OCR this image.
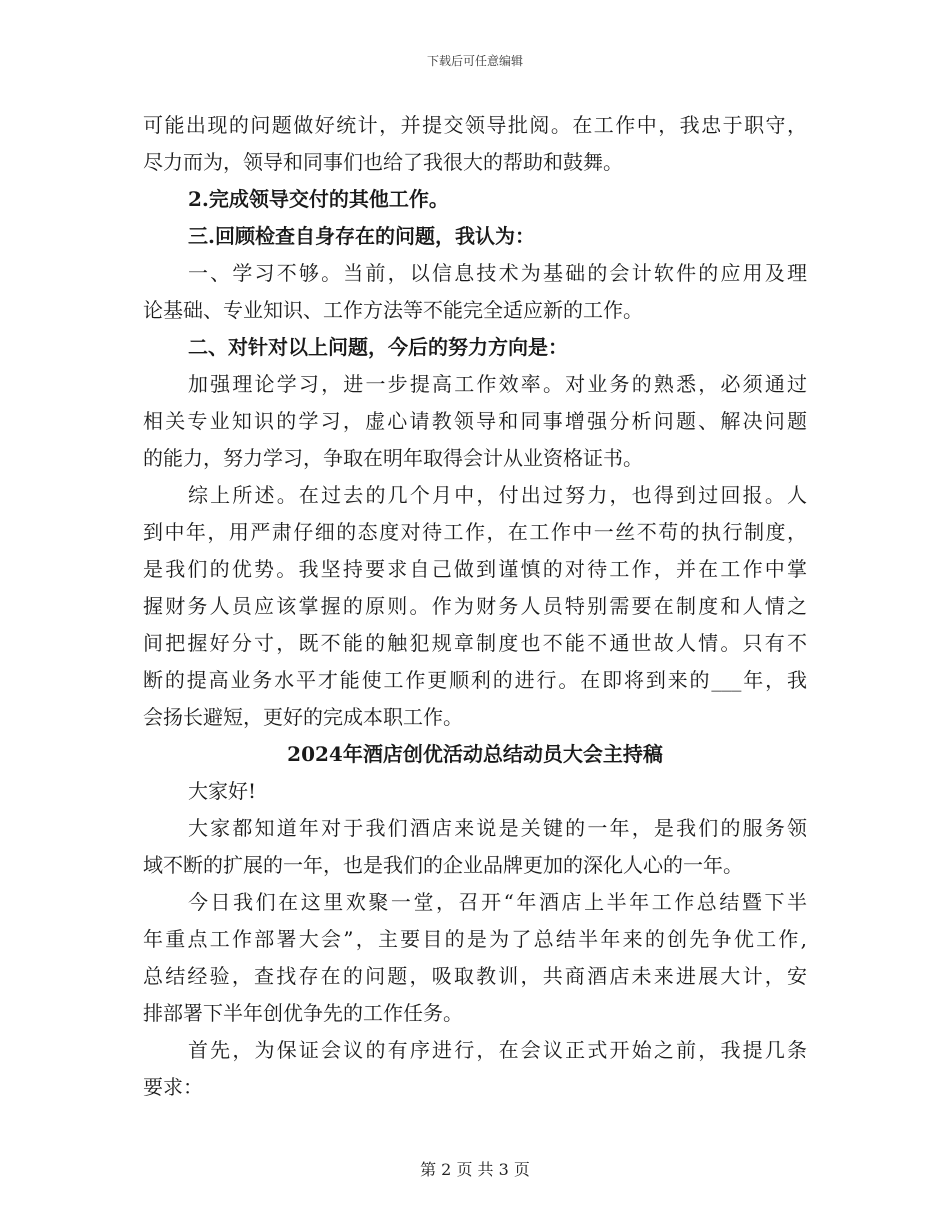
下载后可任意编辑
可能出现的问题做好统计，并提交领导批阅。在工作中，我忠于职守，
尽力而为，领导和同事们也给了我很大的帮助和鼓舞。
2.完成领导交付的其他工作。
三.回顾检查自身存在的问题，我认为：
一、学习不够。当前，以信息技术为基础的会计软件的应用及理
论基础、专业知识、工作方法等不能完全适应新的工作。
二、对针对以上问题，今后的努力方向是：
加强理论学习，进一步提高工作效率。对业务的熟悉，必须通过
相关专业知识的学习，虚心请教领导和同事增强分析问题、解决问题
的能力，努力学习，争取在明年取得会计从业资格证书。
综上所述。在过去的几个月中，付出过努力，也得到过回报。人
到中年，用严肃仔细的态度对待工作，在工作中一丝不苟的执行制度，
是我们的优势。我坚持要求自己做到谨慎的对待工作，并在工作中掌
握财务人员应该掌握的原则。作为财务人员特别需要在制度和人情之
间把握好分寸，既不能的触犯规章制度也不能不通世故人情。只有不
断的提高业务水平才能使工作更顺利的进行。在即将到来的___年，我
会扬长避短，更好的完成本职工作。
2024年酒店创优活动总结动员大会主持稿
大家好!
大家都知道年对于我们酒店来说是关键的一年，是我们的服务领
域不断的扩展的一年，也是我们的企业品牌更加的深化人心的一年。
今日我们在这里欢聚一堂，召开“年酒店上半年工作总结暨下半
年重点工作部署大会”，主要目的是为了总结半年来的创先争优工作,
总结经验，查找存在的问题，吸取教训，共商酒店未来进展大计，安
排部署下半年创优争先的工作任务。
首先，为保证会议的有序进行，在会议正式开始之前，我提几条
要求：
第 2 页 共 3 页
